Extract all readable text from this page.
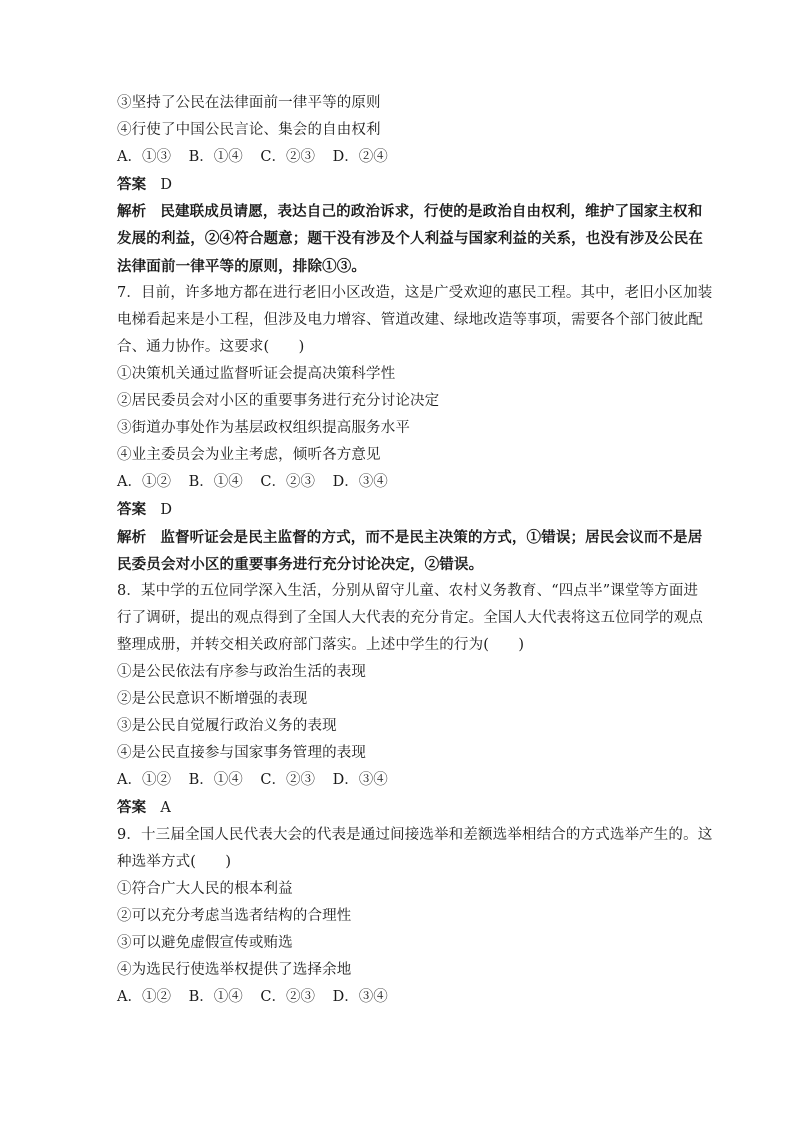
③坚持了公民在法律面前一律平等的原则
④行使了中国公民言论、集会的自由权利
A．①③ B．①④ C．②③ D．②④
答案 D
解析 民建联成员请愿，表达自己的政治诉求，行使的是政治自由权利，维护了国家主权和
发展的利益，②④符合题意；题干没有涉及个人利益与国家利益的关系，也没有涉及公民在
法律面前一律平等的原则，排除①③。
7．目前，许多地方都在进行老旧小区改造，这是广受欢迎的惠民工程。其中，老旧小区加装
电梯看起来是小工程，但涉及电力增容、管道改建、绿地改造等事项，需要各个部门彼此配
合、通力协作。这要求(　　)
①决策机关通过监督听证会提高决策科学性
②居民委员会对小区的重要事务进行充分讨论决定
③街道办事处作为基层政权组织提高服务水平
④业主委员会为业主考虑，倾听各方意见
A．①② B．①④ C．②③ D．③④
答案 D
解析 监督听证会是民主监督的方式，而不是民主决策的方式，①错误；居民会议而不是居
民委员会对小区的重要事务进行充分讨论决定，②错误。
8．某中学的五位同学深入生活，分别从留守儿童、农村义务教育、“四点半”课堂等方面进
行了调研，提出的观点得到了全国人大代表的充分肯定。全国人大代表将这五位同学的观点
整理成册，并转交相关政府部门落实。上述中学生的行为(　　)
①是公民依法有序参与政治生活的表现
②是公民意识不断增强的表现
③是公民自觉履行政治义务的表现
④是公民直接参与国家事务管理的表现
A．①② B．①④ C．②③ D．③④
答案 A
9．十三届全国人民代表大会的代表是通过间接选举和差额选举相结合的方式选举产生的。这
种选举方式(　　)
①符合广大人民的根本利益
②可以充分考虑当选者结构的合理性
③可以避免虚假宣传或贿选
④为选民行使选举权提供了选择余地
A．①② B．①④ C．②③ D．③④
